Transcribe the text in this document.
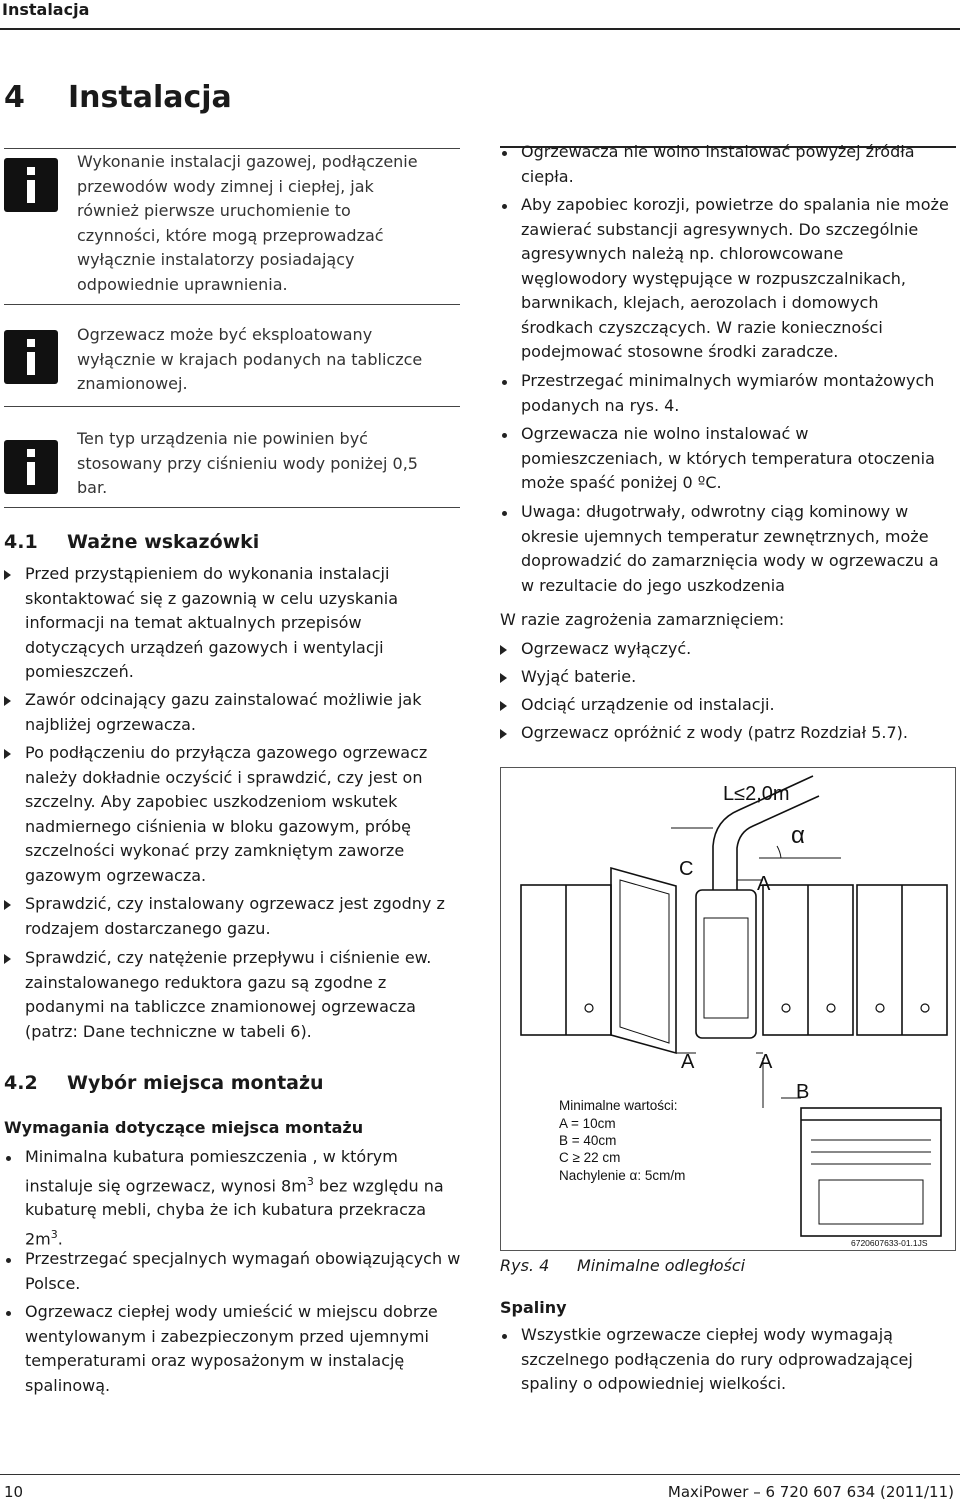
Instalacja
4 Instalacja
Wykonanie instalacji gazowej, podłączenie
przewodów wody zimnej i ciepłej, jak
również pierwsze uruchomienie to
czynności, które mogą przeprowadzać
wyłącznie instalatorzy posiadający
odpowiednie uprawnienia.
Ogrzewacz może być eksploatowany
wyłącznie w krajach podanych na tabliczce
znamionowej.
Ten typ urządzenia nie powinien być
stosowany przy ciśnieniu wody poniżej 0,5
bar.
4.1 Ważne wskazówki
Przed przystąpieniem do wykonania instalacji
skontaktować się z gazownią w celu uzyskania
informacji na temat aktualnych przepisów
dotyczących urządzeń gazowych i wentylacji
pomieszczeń.
Zawór odcinający gazu zainstalować możliwie jak
najbliżej ogrzewacza.
Po podłączeniu do przyłącza gazowego ogrzewacz
należy dokładnie oczyścić i sprawdzić, czy jest on
szczelny. Aby zapobiec uszkodzeniom wskutek
nadmiernego ciśnienia w bloku gazowym, próbę
szczelności wykonać przy zamkniętym zaworze
gazowym ogrzewacza.
Sprawdzić, czy instalowany ogrzewacz jest zgodny z
rodzajem dostarczanego gazu.
Sprawdzić, czy natężenie przepływu i ciśnienie ew.
zainstalowanego reduktora gazu są zgodne z
podanymi na tabliczce znamionowej ogrzewacza
(patrz: Dane techniczne w tabeli 6).
4.2 Wybór miejsca montażu
Wymagania dotyczące miejsca montażu
Minimalna kubatura pomieszczenia , w którym
instaluje się ogrzewacz, wynosi $8m^3$ bez względu na
kubaturę mebli, chyba że ich kubatura przekracza
$2m^3$.
Przestrzegać specjalnych wymagań obowiązujących w
Polsce.
Ogrzewacz ciepłej wody umieścić w miejscu dobrze
wentylowanym i zabezpieczonym przed ujemnymi
temperaturami oraz wyposażonym w instalację
spalinową.
Ogrzewacza nie wolno instalować powyżej źródła
ciepła.
Aby zapobiec korozji, powietrze do spalania nie może
zawierać substancji agresywnych. Do szczególnie
agresywnych należą np. chlorowcowane
węglowodory występujące w rozpuszczalnikach,
barwnikach, klejach, aerozolach i domowych
środkach czyszczących. W razie konieczności
podejmować stosowne środki zaradcze.
Przestrzegać minimalnych wymiarów montażowych
podanych na rys. 4.
Ogrzewacza nie wolno instalować w
pomieszczeniach, w których temperatura otoczenia
może spaść poniżej 0 ºC.
Uwaga: długotrwały, odwrotny ciąg kominowy w
okresie ujemnych temperatur zewnętrznych, może
doprowadzić do zamarznięcia wody w ogrzewaczu a
w rezultacie do jego uszkodzenia
W razie zagrożenia zamarznięciem:
Ogrzewacz wyłączyć.
Wyjąć baterie.
Odciąć urządzenie od instalacji.
Ogrzewacz opróżnić z wody (patrz Rozdział 5.7).
L≤2,0m
α
C
A
A	A
B
Minimalne wartości:
A = 10cm
B = 40cm
C ≥ 22 cm
Nachylenie α: 5cm/m
6720607633-01.1JS
Rys. 4 Minimalne odległości
Spaliny
Wszystkie ogrzewacze ciepłej wody wymagają
szczelnego podłączenia do rury odprowadzającej
spaliny o odpowiedniej wielkości.
10	MaxiPower – 6 720 607 634 (2011/11)
